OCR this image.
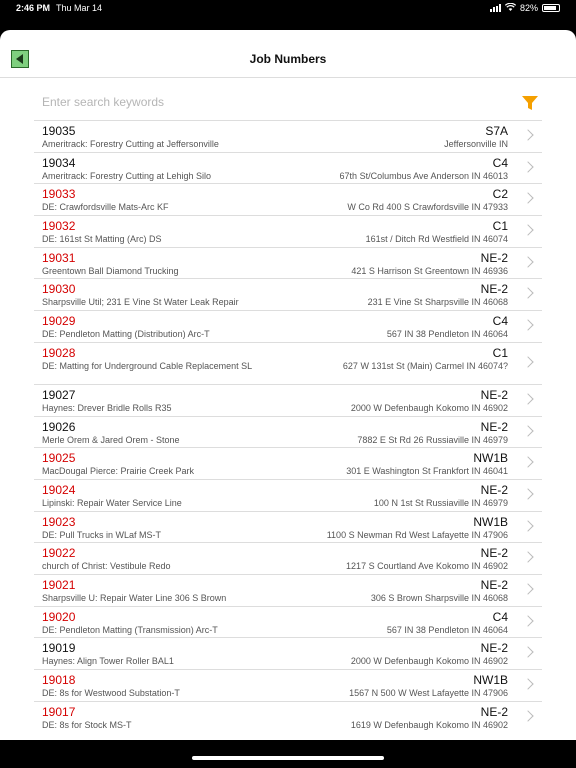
2:46 PM Thu Mar 14	82%
Job Numbers
Enter search keywords
19035
Ameritrack: Forestry Cutting at Jeffersonville
S7A
Jeffersonville IN
19034
Ameritrack: Forestry Cutting at Lehigh Silo
C4
67th St/Columbus Ave Anderson IN 46013
19033
DE: Crawfordsville Mats-Arc KF
C2
W Co Rd 400 S Crawfordsville IN 47933
19032
DE: 161st St Matting (Arc) DS
C1
161st / Ditch Rd Westfield IN 46074
19031
Greentown Ball Diamond Trucking
NE-2
421 S Harrison St Greentown IN 46936
19030
Sharpsville Util; 231 E Vine St Water Leak Repair
NE-2
231 E Vine St Sharpsville IN 46068
19029
DE: Pendleton Matting (Distribution) Arc-T
C4
567 IN 38 Pendleton IN 46064
19028
DE: Matting for Underground Cable Replacement SL
C1
627 W 131st St (Main) Carmel IN 46074?
19027
Haynes: Drever Bridle Rolls R35
NE-2
2000 W Defenbaugh Kokomo IN 46902
19026
Merle Orem & Jared Orem - Stone
NE-2
7882 E St Rd 26 Russiaville IN 46979
19025
MacDougal Pierce: Prairie Creek Park
NW1B
301 E Washington St Frankfort IN 46041
19024
Lipinski: Repair Water Service Line
NE-2
100 N 1st St Russiaville IN 46979
19023
DE: Pull Trucks in WLaf MS-T
NW1B
1100 S Newman Rd West Lafayette IN 47906
19022
church of Christ: Vestibule Redo
NE-2
1217 S Courtland Ave Kokomo IN 46902
19021
Sharpsville U: Repair Water Line 306 S Brown
NE-2
306 S Brown Sharpsville IN 46068
19020
DE: Pendleton Matting (Transmission) Arc-T
C4
567 IN 38 Pendleton IN 46064
19019
Haynes: Align Tower Roller BAL1
NE-2
2000 W Defenbaugh Kokomo IN 46902
19018
DE: 8s for Westwood Substation-T
NW1B
1567 N 500 W West Lafayette IN 47906
19017
DE: 8s for Stock MS-T
NE-2
1619 W Defenbaugh Kokomo IN 46902
